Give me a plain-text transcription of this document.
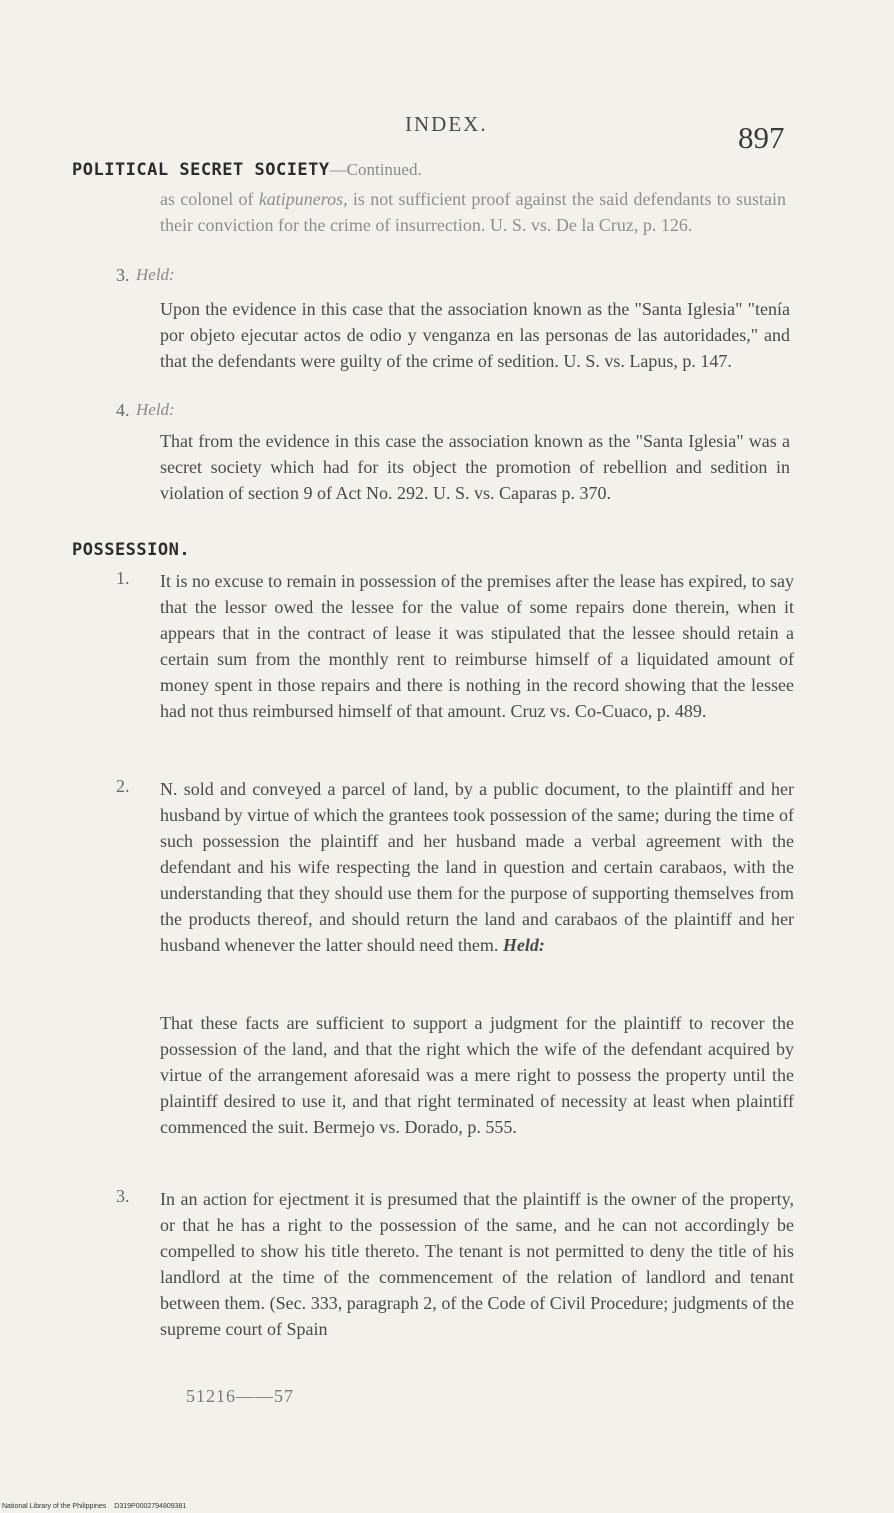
INDEX.	897
POLITICAL SECRET SOCIETY—Continued.
as colonel of katipuneros, is not sufficient proof against the said defendants to sustain their conviction for the crime of insurrection. U. S. vs. De la Cruz, p. 126.
3. Held:
Upon the evidence in this case that the association known as the "Santa Iglesia" "tenía por objeto ejecutar actos de odio y venganza en las personas de las autoridades," and that the defendants were guilty of the crime of sedition. U. S. vs. Lapus, p. 147.
4. Held:
That from the evidence in this case the association known as the "Santa Iglesia" was a secret society which had for its object the promotion of rebellion and sedition in violation of section 9 of Act No. 292. U. S. vs. Caparas p. 370.
POSSESSION.
1. It is no excuse to remain in possession of the premises after the lease has expired, to say that the lessor owed the lessee for the value of some repairs done therein, when it appears that in the contract of lease it was stipulated that the lessee should retain a certain sum from the monthly rent to reimburse himself of a liquidated amount of money spent in those repairs and there is nothing in the record showing that the lessee had not thus reimbursed himself of that amount. Cruz vs. Co-Cuaco, p. 489.
2. N. sold and conveyed a parcel of land, by a public document, to the plaintiff and her husband by virtue of which the grantees took possession of the same; during the time of such possession the plaintiff and her husband made a verbal agreement with the defendant and his wife respecting the land in question and certain carabaos, with the understanding that they should use them for the purpose of supporting themselves from the products thereof, and should return the land and carabaos of the plaintiff and her husband whenever the latter should need them. Held:
That these facts are sufficient to support a judgment for the plaintiff to recover the possession of the land, and that the right which the wife of the defendant acquired by virtue of the arrangement aforesaid was a mere right to possess the property until the plaintiff desired to use it, and that right terminated of necessity at least when plaintiff commenced the suit. Bermejo vs. Dorado, p. 555.
3. In an action for ejectment it is presumed that the plaintiff is the owner of the property, or that he has a right to the possession of the same, and he can not accordingly be compelled to show his title thereto. The tenant is not permitted to deny the title of his landlord at the time of the commencement of the relation of landlord and tenant between them. (Sec. 333, paragraph 2, of the Code of Civil Procedure; judgments of the supreme court of Spain
51216——57
National Library of the Philippines D319P0002794809381
